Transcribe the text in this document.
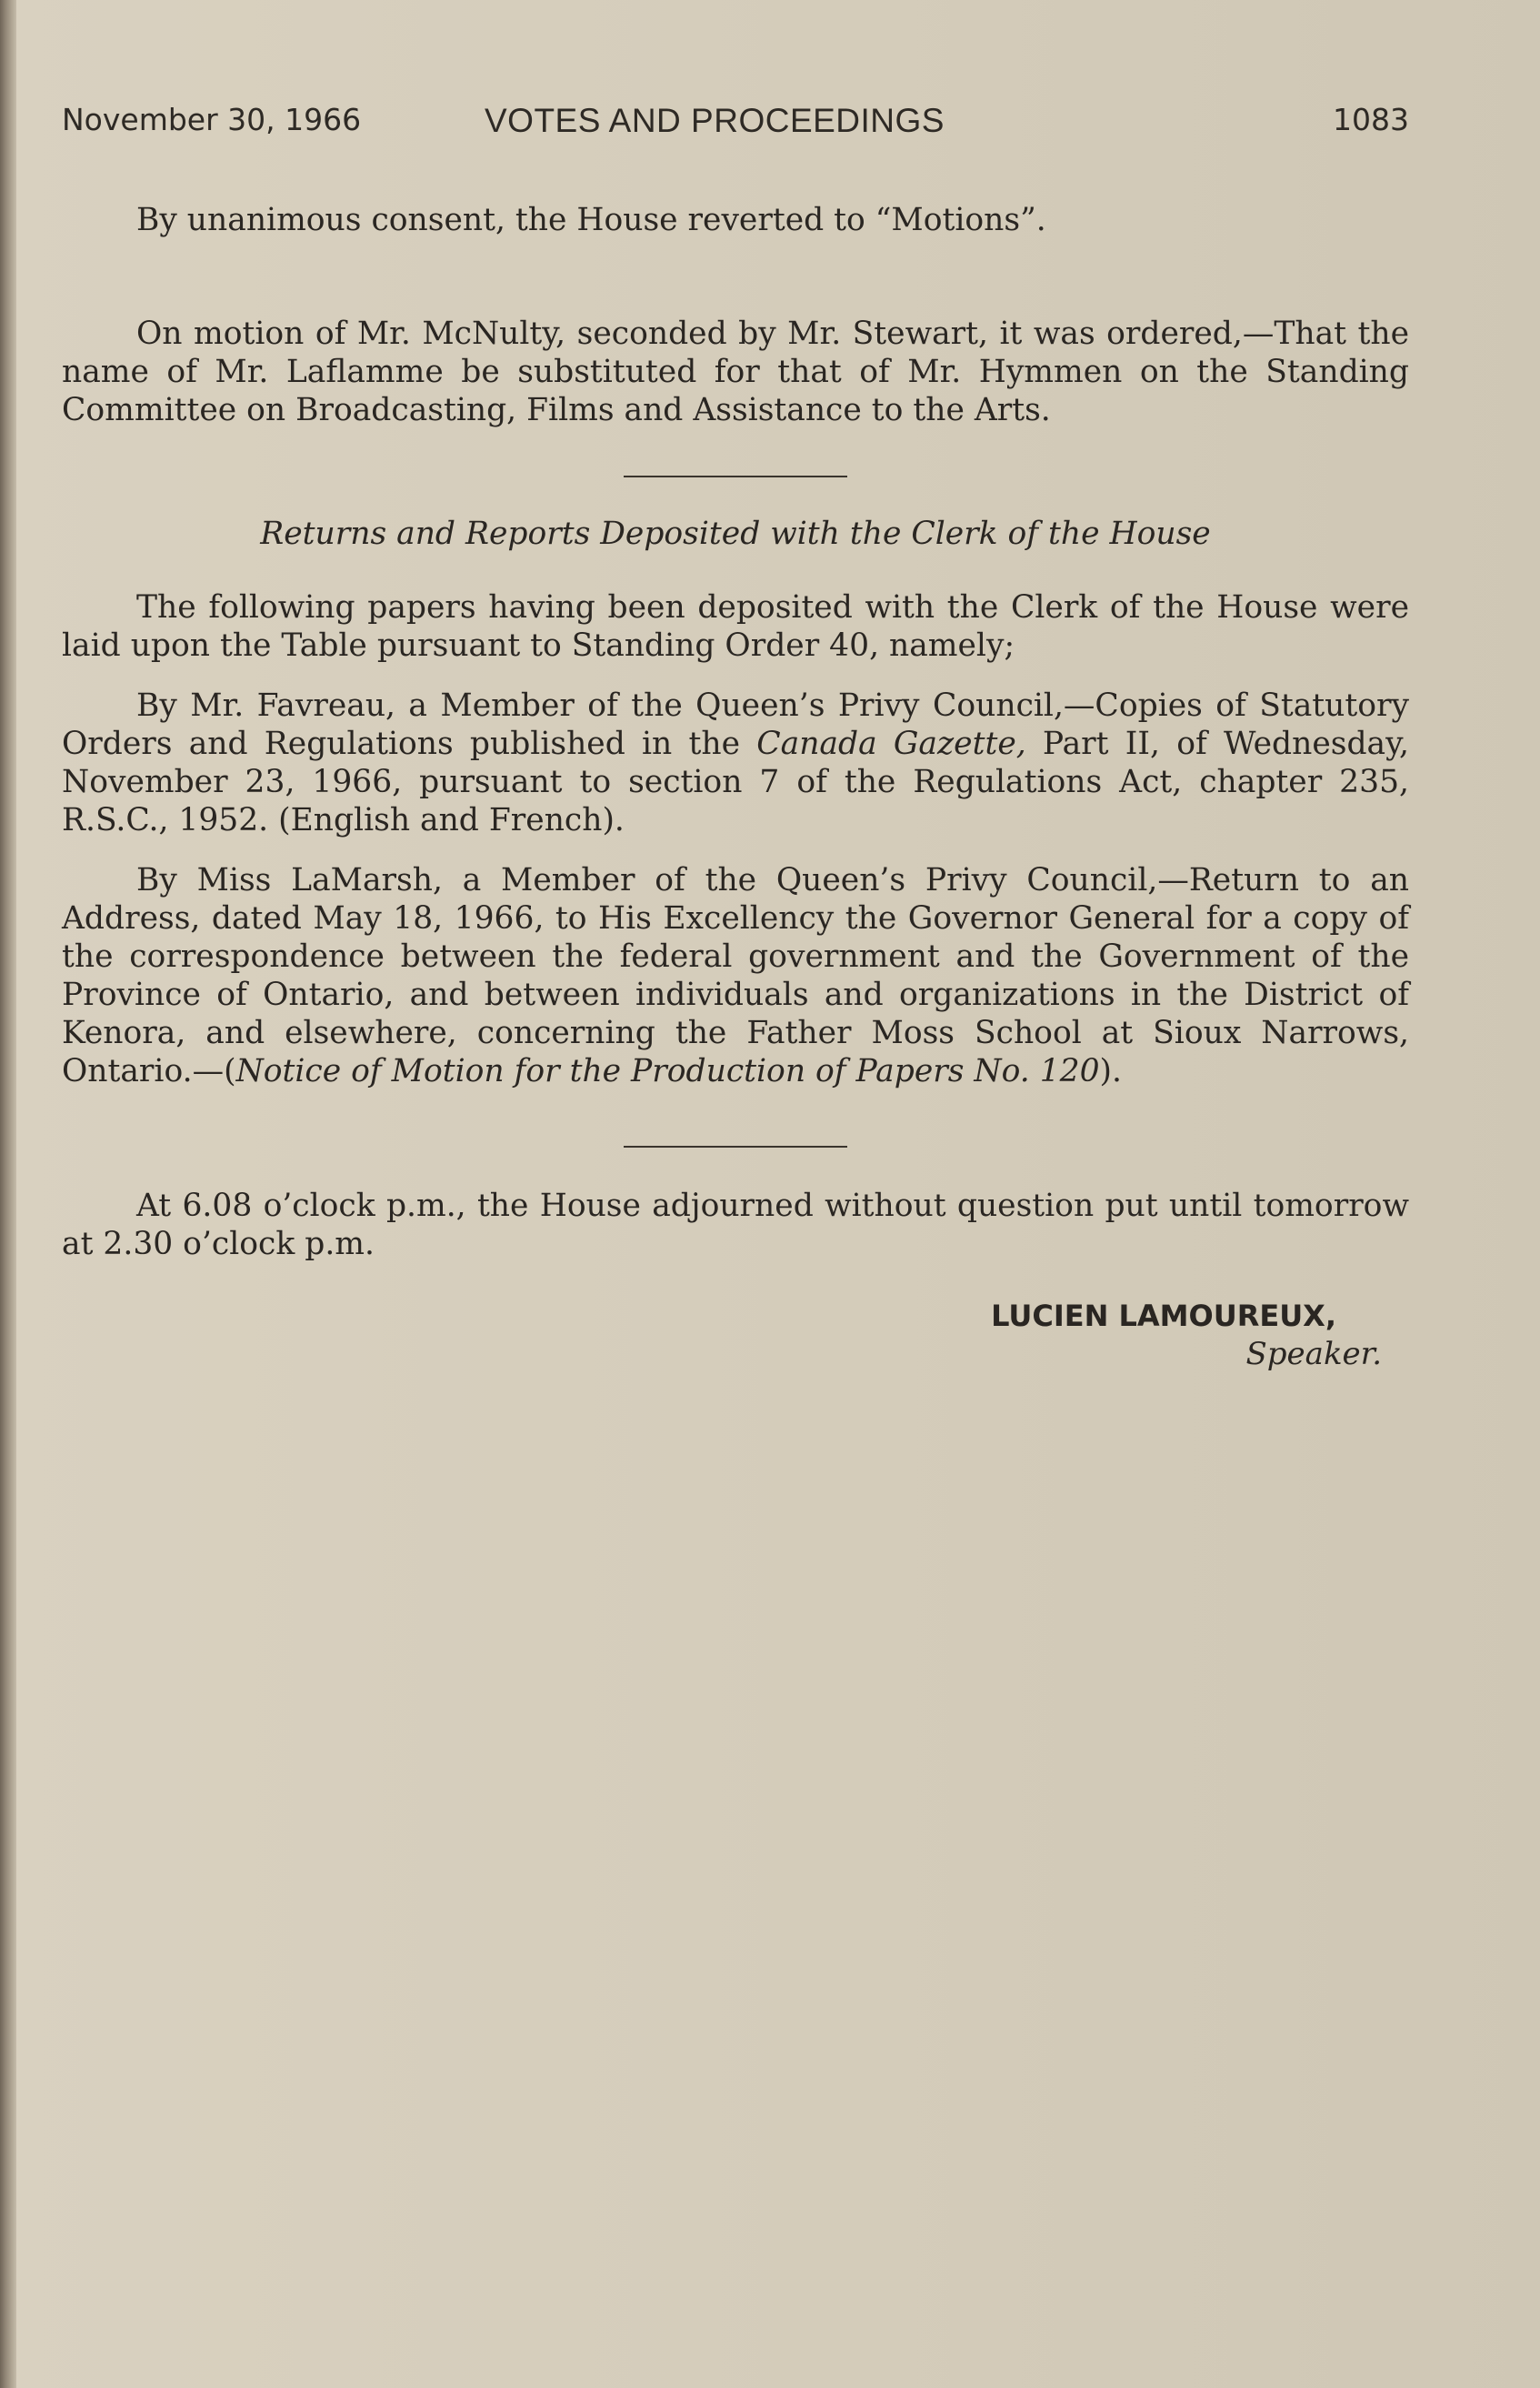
November 30, 1966	VOTES AND PROCEEDINGS	1083

By unanimous consent, the House reverted to “Motions”.

On motion of Mr. McNulty, seconded by Mr. Stewart, it was ordered,—That the name of Mr. Laflamme be substituted for that of Mr. Hymmen on the Standing Committee on Broadcasting, Films and Assistance to the Arts.

Returns and Reports Deposited with the Clerk of the House

The following papers having been deposited with the Clerk of the House were laid upon the Table pursuant to Standing Order 40, namely;

By Mr. Favreau, a Member of the Queen’s Privy Council,—Copies of Statutory Orders and Regulations published in the Canada Gazette, Part II, of Wednesday, November 23, 1966, pursuant to section 7 of the Regulations Act, chapter 235, R.S.C., 1952. (English and French).

By Miss LaMarsh, a Member of the Queen’s Privy Council,—Return to an Address, dated May 18, 1966, to His Excellency the Governor General for a copy of the correspondence between the federal government and the Government of the Province of Ontario, and between individuals and organizations in the District of Kenora, and elsewhere, concerning the Father Moss School at Sioux Narrows, Ontario.—(Notice of Motion for the Production of Papers No. 120).

At 6.08 o’clock p.m., the House adjourned without question put until tomorrow at 2.30 o’clock p.m.

LUCIEN LAMOUREUX,
Speaker.
